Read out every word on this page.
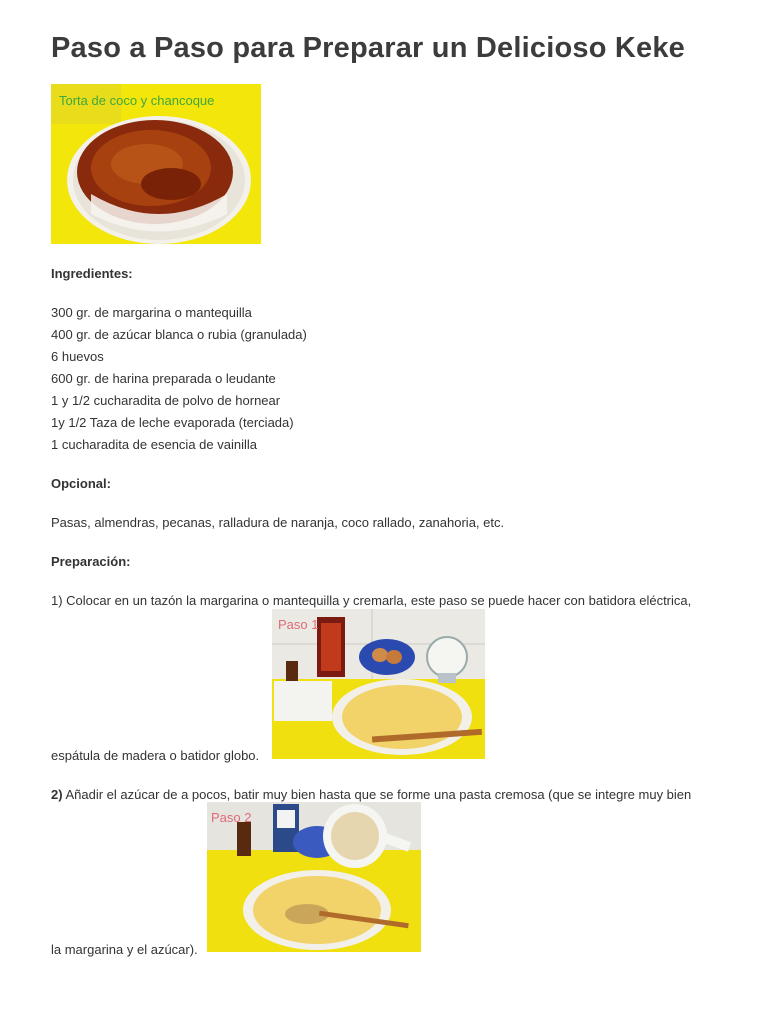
Paso a Paso para Preparar un Delicioso Keke
Torta de coco y chancoque

Ingredientes:

300 gr. de margarina o mantequilla

400 gr. de azúcar blanca o rubia (granulada)

6 huevos

600 gr. de harina preparada o leudante

1 y 1/2 cucharadita de polvo de hornear

1y 1/2 Taza de leche evaporada (terciada)

1 cucharadita de esencia de vainilla

Opcional:

Pasas, almendras, pecanas, ralladura de naranja, coco rallado, zanahoria, etc.

Preparación:

1) Colocar en un tazón la margarina o mantequilla y cremarla, este paso se puede hacer con batidora eléctrica,

Paso 1

espátula de madera o batidor globo.

2) Añadir el azúcar de a pocos, batir muy bien hasta que se forme una pasta cremosa (que se integre muy bien

Paso 2

la margarina y el azúcar).
